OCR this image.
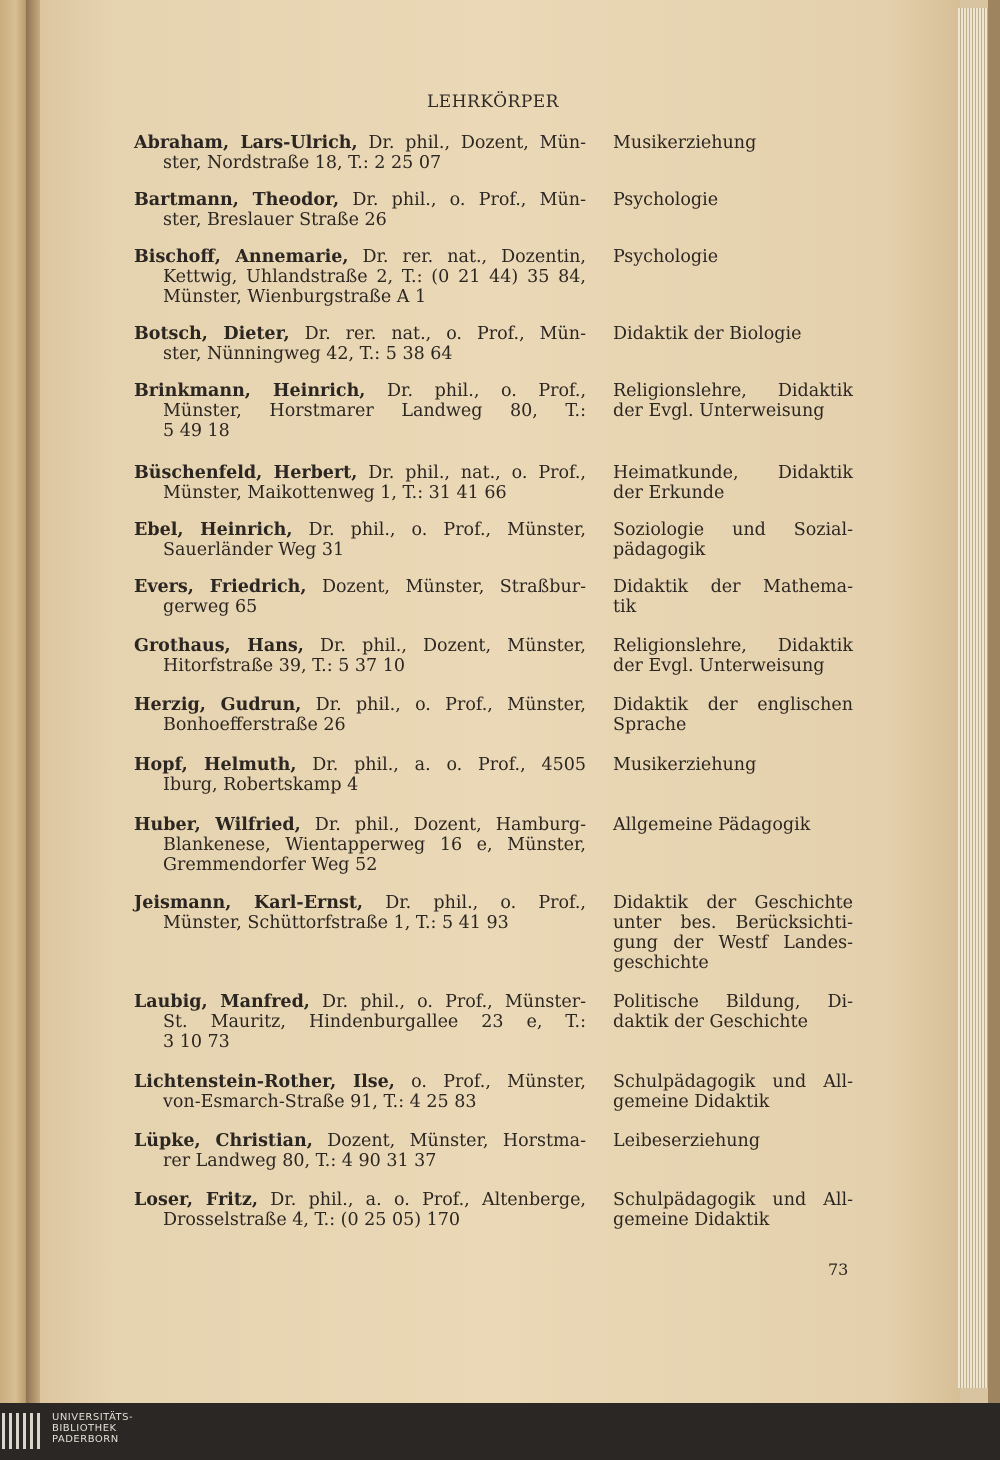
LEHRKÖRPER
Abraham, Lars-Ulrich, Dr. phil., Dozent, Mün-
ster, Nordstraße 18, T.: 2 25 07
Musikerziehung
Bartmann, Theodor, Dr. phil., o. Prof., Mün-
ster, Breslauer Straße 26
Psychologie
Bischoff, Annemarie, Dr. rer. nat., Dozentin,
Kettwig, Uhlandstraße 2, T.: (0 21 44) 35 84,
Münster, Wienburgstraße A 1
Psychologie
Botsch, Dieter, Dr. rer. nat., o. Prof., Mün-
ster, Nünningweg 42, T.: 5 38 64
Didaktik der Biologie
Brinkmann, Heinrich, Dr. phil., o. Prof.,
Münster, Horstmarer Landweg 80, T.:
5 49 18
Religionslehre, Didaktik
der Evgl. Unterweisung
Büschenfeld, Herbert, Dr. phil., nat., o. Prof.,
Münster, Maikottenweg 1, T.: 31 41 66
Heimatkunde, Didaktik
der Erkunde
Ebel, Heinrich, Dr. phil., o. Prof., Münster,
Sauerländer Weg 31
Soziologie und Sozial-
pädagogik
Evers, Friedrich, Dozent, Münster, Straßbur-
gerweg 65
Didaktik der Mathema-
tik
Grothaus, Hans, Dr. phil., Dozent, Münster,
Hitorfstraße 39, T.: 5 37 10
Religionslehre, Didaktik
der Evgl. Unterweisung
Herzig, Gudrun, Dr. phil., o. Prof., Münster,
Bonhoefferstraße 26
Didaktik der englischen
Sprache
Hopf, Helmuth, Dr. phil., a. o. Prof., 4505
Iburg, Robertskamp 4
Musikerziehung
Huber, Wilfried, Dr. phil., Dozent, Hamburg-
Blankenese, Wientapperweg 16 e, Münster,
Gremmendorfer Weg 52
Allgemeine Pädagogik
Jeismann, Karl-Ernst, Dr. phil., o. Prof.,
Münster, Schüttorfstraße 1, T.: 5 41 93
Didaktik der Geschichte
unter bes. Berücksichti-
gung der Westf Landes-
geschichte
Laubig, Manfred, Dr. phil., o. Prof., Münster-
St. Mauritz, Hindenburgallee 23 e, T.:
3 10 73
Politische Bildung, Di-
daktik der Geschichte
Lichtenstein-Rother, Ilse, o. Prof., Münster,
von-Esmarch-Straße 91, T.: 4 25 83
Schulpädagogik und All-
gemeine Didaktik
Lüpke, Christian, Dozent, Münster, Horstma-
rer Landweg 80, T.: 4 90 31 37
Leibeserziehung
Loser, Fritz, Dr. phil., a. o. Prof., Altenberge,
Drosselstraße 4, T.: (0 25 05) 170
Schulpädagogik und All-
gemeine Didaktik
73
UNIVERSITÄTS-
BIBLIOTHEK
PADERBORN
